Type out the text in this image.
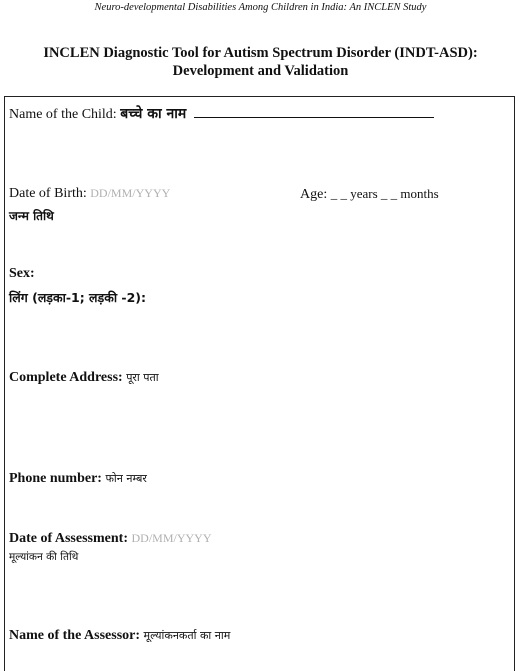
Neuro-developmental Disabilities Among Children in India: An INCLEN Study
INCLEN Diagnostic Tool for Autism Spectrum Disorder (INDT-ASD): Development and Validation
Name of the Child: बच्चे का नाम
Date of Birth: DD/MM/YYYY	Age: _ _ years _ _ months
जन्म तिथि
Sex:
लिंग (लड़का-1; लड़की -2):
Complete Address: पूरा पता
Phone number: फोन नम्बर
Date of Assessment: DD/MM/YYYY
मूल्यांकन की तिथि
Name of the Assessor: मूल्यांकनकर्ता का नाम
